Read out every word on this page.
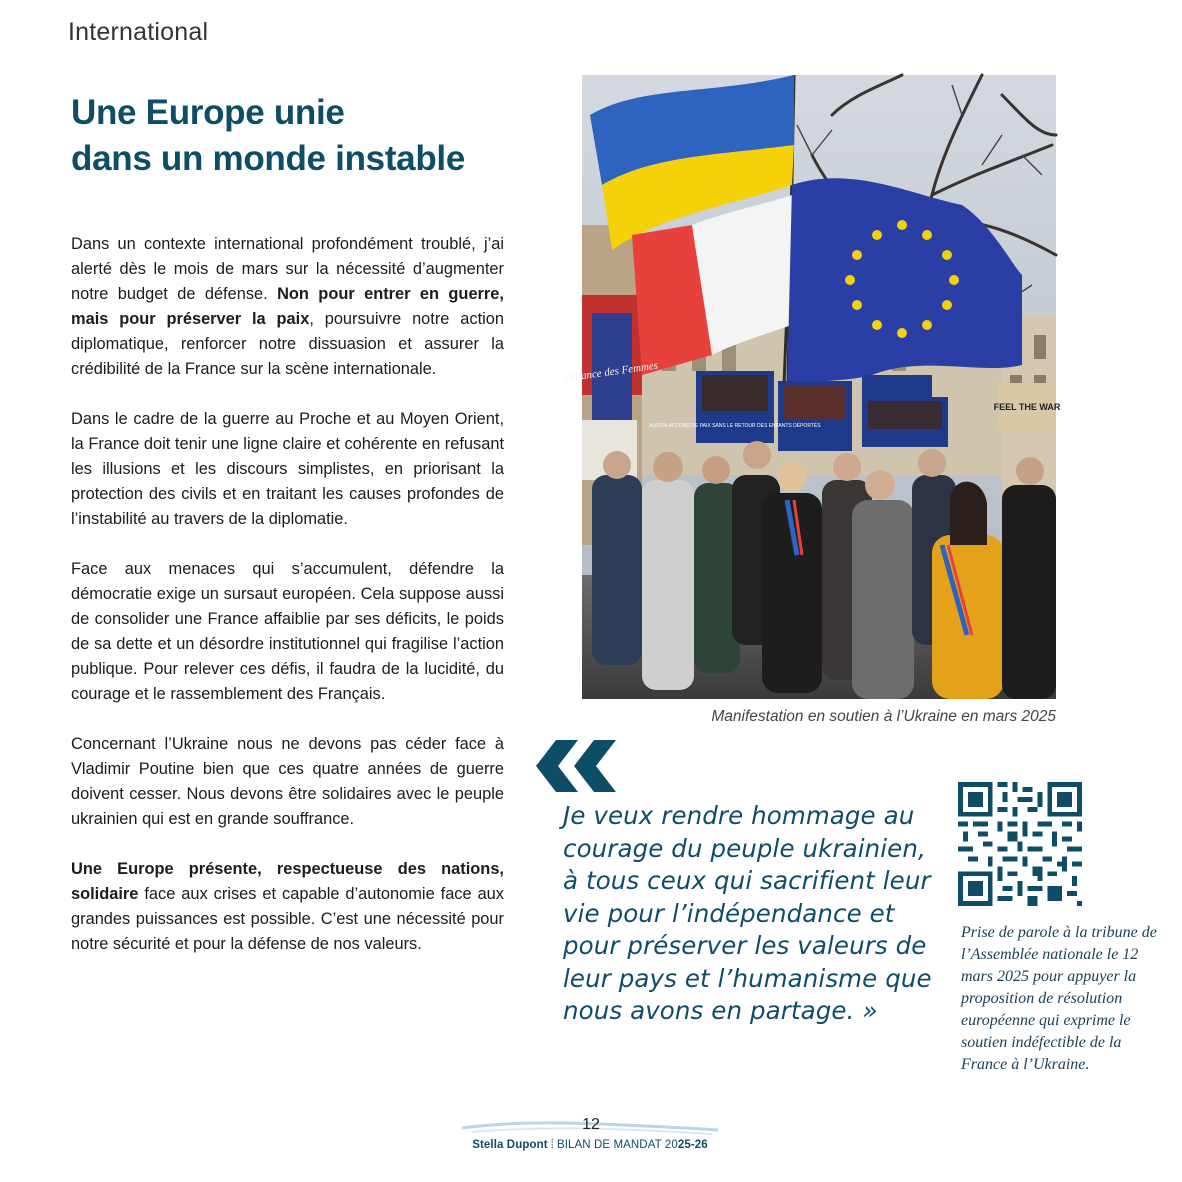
International
Une Europe unie
dans un monde instable

Dans un contexte international profondément troublé, j’ai alerté dès le mois de mars sur la nécessité d’augmenter notre budget de défense. Non pour entrer en guerre, mais pour préserver la paix, poursuivre notre action diplomatique, renforcer notre dissuasion et assurer la crédibilité de la France sur la scène internationale.

Dans le cadre de la guerre au Proche et au Moyen Orient, la France doit tenir une ligne claire et cohérente en refusant les illusions et les discours simplistes, en priorisant la protection des civils et en traitant les causes profondes de l’instabilité au travers de la diplomatie.

Face aux menaces qui s’accumulent, défendre la démocratie exige un sursaut européen. Cela suppose aussi de consolider une France affaiblie par ses déficits, le poids de sa dette et un désordre institutionnel qui fragilise l’action publique. Pour relever ces défis, il faudra de la lucidité, du courage et le rassemblement des Français.

Concernant l’Ukraine nous ne devons pas céder face à Vladimir Poutine bien que ces quatre années de guerre doivent cesser. Nous devons être solidaires avec le peuple ukrainien qui est en grande souffrance.

Une Europe présente, respectueuse des nations, solidaire face aux crises et capable d’autonomie face aux grandes puissances est possible. C’est une nécessité pour notre sécurité et pour la défense de nos valeurs.

Alliance des Femmes
AUCUN ACCORD DE PAIX SANS LE RETOUR DES ENFANTS DÉPORTÉS
FEEL THE WAR
Manifestation en soutien à l’Ukraine en mars 2025
Je veux rendre hommage au courage du peuple ukrainien, à tous ceux qui sacrifient leur vie pour l’indépendance et pour préserver les valeurs de leur pays et l’humanisme que nous avons en partage. »
Prise de parole à la tribune de l’Assemblée nationale le 12 mars 2025 pour appuyer la proposition de résolution européenne qui exprime le soutien indéfectible de la France à l’Ukraine.
12
Stella Dupont ⁞ BILAN DE MANDAT 2025-26
